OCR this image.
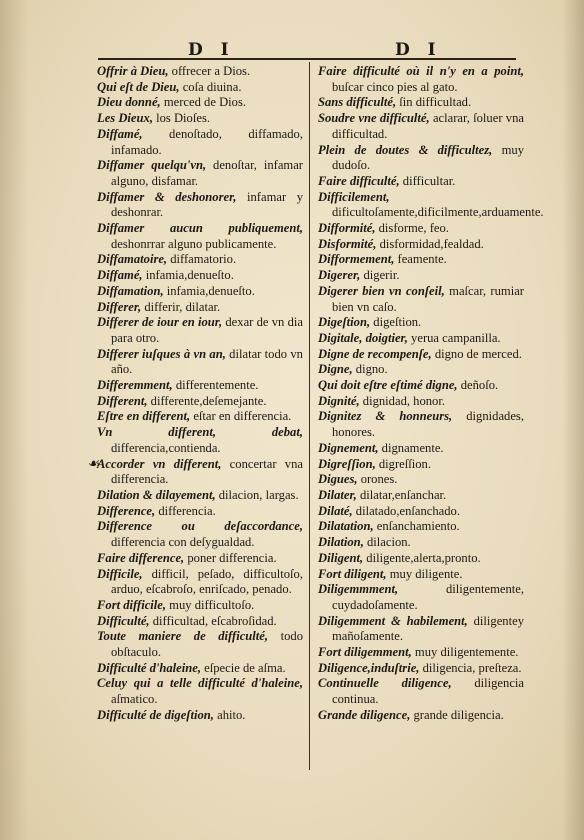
D I	D I
☙

Offrir à Dieu, offrecer a Dios.

Qui eſt de Dieu, coſa diuina.

Dieu donné, merced de Dios.

Les Dieux, los Dioſes.

Diffamé, denoſtado, diffamado, infamado.

Diffamer quelqu'vn, denoſtar, infamar alguno, disfamar.

Diffamer & deshonorer, infamar y deshonrar.

Diffamer aucun publiquement, deshonrrar alguno publicamente.

Diffamatoire, diffamatorio.

Diffamé, infamia,denueſto.

Diffamation, infamia,denueſto.

Differer, differir, dilatar.

Differer de iour en iour, dexar de vn dia para otro.

Differer iuſques à vn an, dilatar todo vn año.

Differemment, differentemente.

Different, differente,deſemejante.

Eſtre en different, eſtar en differencia.

Vn different, debat, differencia,contienda.

Accorder vn different, concertar vna differencia.

Dilation & dilayement, dilacion, largas.

Difference, differencia.

Difference ou deſaccordance, differencia con deſygualdad.

Faire difference, poner differencia.

Difficile, difficil, peſado, difficultoſo, arduo, eſcabroſo, enriſcado, penado.

Fort difficile, muy difficultoſo.

Difficulté, difficultad, eſcabroſidad.

Toute maniere de difficulté, todo obſtaculo.

Difficulté d'haleine, eſpecie de aſma.

Celuy qui a telle difficulté d'haleine, aſmatico.

Difficulté de digeſtion, ahito.

Faire difficulté où il n'y en a point, buſcar cinco pies al gato.

Sans difficulté, ſin difficultad.

Soudre vne difficulté, aclarar, ſoluer vna difficultad.

Plein de doutes & difficultez, muy dudoſo.

Faire difficulté, difficultar.

Difficilement, dificultoſamente,dificilmente,arduamente.

Difformité, disforme, feo.

Disformité, disformidad,fealdad.

Difformement, feamente.

Digerer, digerir.

Digerer bien vn conſeil, maſcar, rumiar bien vn caſo.

Digeſtion, digeſtion.

Digitale, doigtier, yerua campanilla.

Digne de recompenſe, digno de merced.

Digne, digno.

Qui doit eſtre eſtimé digne, deñoſo.

Dignité, dignidad, honor.

Dignitez & honneurs, dignidades, honores.

Dignement, dignamente.

Digreſſion, digreſſion.

Digues, orones.

Dilater, dilatar,enſanchar.

Dilaté, dilatado,enſanchado.

Dilatation, enſanchamiento.

Dilation, dilacion.

Diligent, diligente,alerta,pronto.

Fort diligent, muy diligente.

Diligemmment, diligentemente, cuydadoſamente.

Diligemment & habilement, diligentey mañoſamente.

Fort diligemment, muy diligentemente.

Diligence,induſtrie, diligencia, preſteza.

Continuelle diligence, diligencia continua.

Grande diligence, grande diligencia.
